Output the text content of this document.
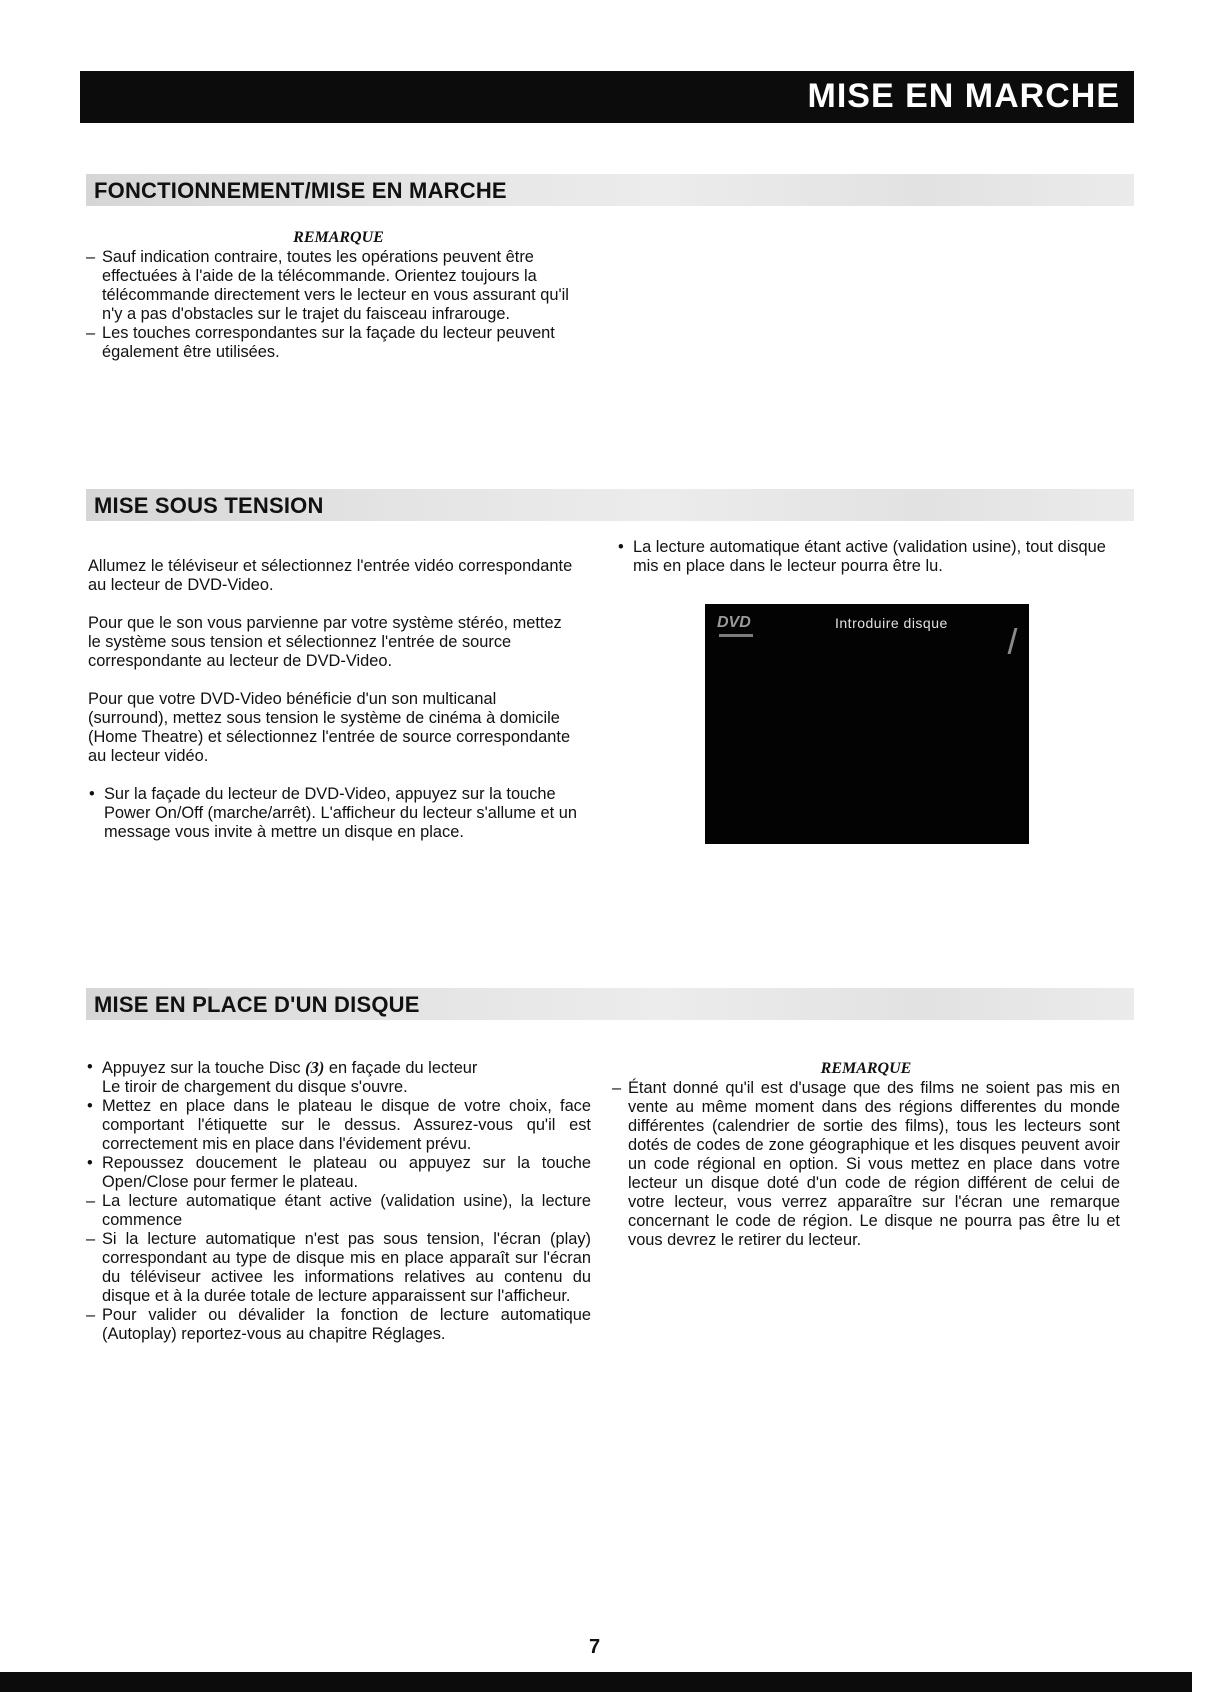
MISE EN MARCHE
FONCTIONNEMENT/MISE EN MARCHE

REMARQUE

– Sauf indication contraire, toutes les opérations peuvent être effectuées à l'aide de la télécommande. Orientez toujours la télécommande directement vers le lecteur en vous assurant qu'il n'y a pas d'obstacles sur le trajet du faisceau infrarouge.
– Les touches correspondantes sur la façade du lecteur peuvent également être utilisées.
MISE SOUS TENSION

Allumez le téléviseur et sélectionnez l'entrée vidéo correspondante au lecteur de DVD-Video.

Pour que le son vous parvienne par votre système stéréo, mettez le système sous tension et sélectionnez l'entrée de source correspondante au lecteur de DVD-Video.

Pour que votre DVD-Video bénéficie d'un son multicanal (surround), mettez sous tension le système de cinéma à domicile (Home Theatre) et sélectionnez l'entrée de source correspondante au lecteur vidéo.

• Sur la façade du lecteur de DVD-Video, appuyez sur la touche Power On/Off (marche/arrêt). L'afficheur du lecteur s'allume et un message vous invite à mettre un disque en place.
• La lecture automatique étant active (validation usine), tout disque mis en place dans le lecteur pourra être lu.
DVD	Introduire disque
MISE EN PLACE D'UN DISQUE
• Appuyez sur la touche Disc (3) en façade du lecteur
Le tiroir de chargement du disque s'ouvre.
• Mettez en place dans le plateau le disque de votre choix, face comportant l'étiquette sur le dessus. Assurez-vous qu'il est correctement mis en place dans l'évidement prévu.
• Repoussez doucement le plateau ou appuyez sur la touche Open/Close pour fermer le plateau.
– La lecture automatique étant active (validation usine), la lecture commence
– Si la lecture automatique n'est pas sous tension, l'écran (play) correspondant au type de disque mis en place apparaît sur l'écran du téléviseur activee les informations relatives au contenu du disque et à la durée totale de lecture apparaissent sur l'afficheur.
– Pour valider ou dévalider la fonction de lecture automatique (Autoplay) reportez-vous au chapitre Réglages.

REMARQUE

– Étant donné qu'il est d'usage que des films ne soient pas mis en vente au même moment dans des régions differentes du monde différentes (calendrier de sortie des films), tous les lecteurs sont dotés de codes de zone géographique et les disques peuvent avoir un code régional en option. Si vous mettez en place dans votre lecteur un disque doté d'un code de région différent de celui de votre lecteur, vous verrez apparaître sur l'écran une remarque concernant le code de région. Le disque ne pourra pas être lu et vous devrez le retirer du lecteur.
7
